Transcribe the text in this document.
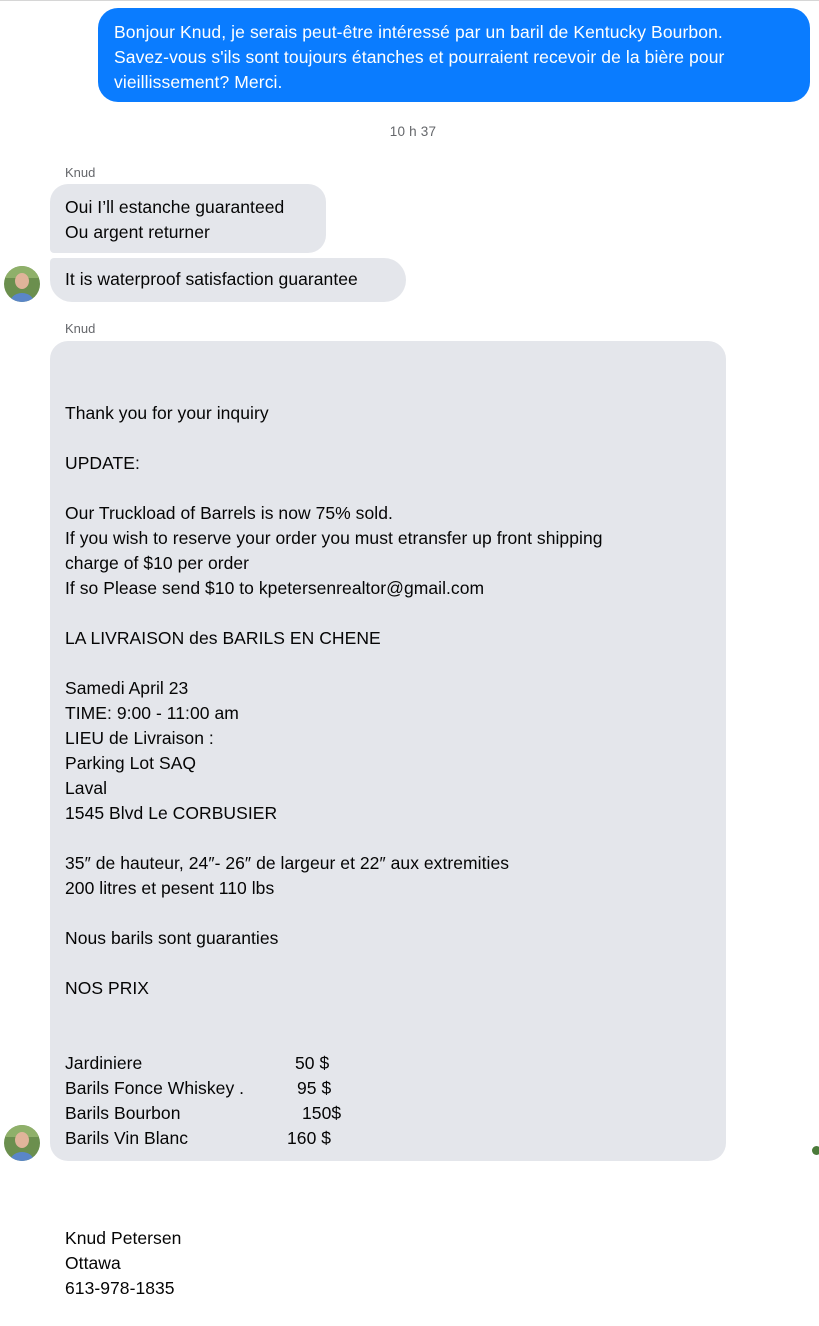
Bonjour Knud, je serais peut-être intéressé par un baril de Kentucky Bourbon.
Savez-vous s'ils sont toujours étanches et pourraient recevoir de la bière pour
vieillissement? Merci.
10 h 37
Knud
Oui I’ll estanche guaranteed
Ou argent returner
It is waterproof satisfaction guarantee
Knud

Thank you for your inquiry
UPDATE:
Our Truckload of Barrels is now 75% sold.
If you wish to reserve your order you must etransfer up front shipping
charge of $10 per order
If so Please send $10 to kpetersenrealtor@gmail.com
LA LIVRAISON des BARILS EN CHENE
Samedi April 23
TIME: 9:00 - 11:00 am
LIEU de Livraison :
Parking Lot SAQ
Laval
1545 Blvd Le CORBUSIER
35″ de hauteur, 24″- 26″ de largeur et 22″ aux extremities
200 litres et pesent 110 lbs
Nous barils sont guaranties
NOS PRIX

Jardiniere	50 $
Barils Fonce Whiskey .	95 $
Barils Bourbon	150$
Barils Vin Blanc	160 $

Knud Petersen
Ottawa
613-978-1835
